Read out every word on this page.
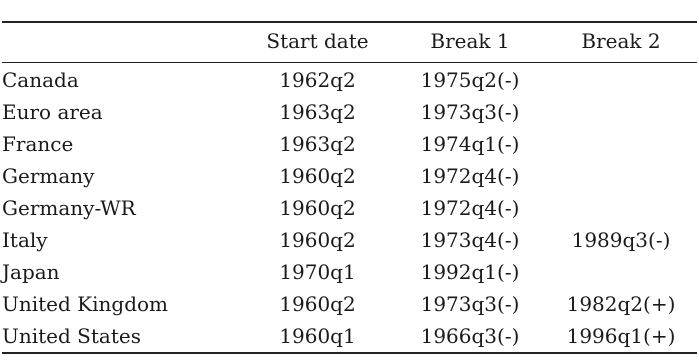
	Start date	Break 1	Break 2
Canada	1962q2	1975q2(-)	
Euro area	1963q2	1973q3(-)	
France	1963q2	1974q1(-)	
Germany	1960q2	1972q4(-)	
Germany-WR	1960q2	1972q4(-)	
Italy	1960q2	1973q4(-)	1989q3(-)
Japan	1970q1	1992q1(-)	
United Kingdom	1960q2	1973q3(-)	1982q2(+)
United States	1960q1	1966q3(-)	1996q1(+)
